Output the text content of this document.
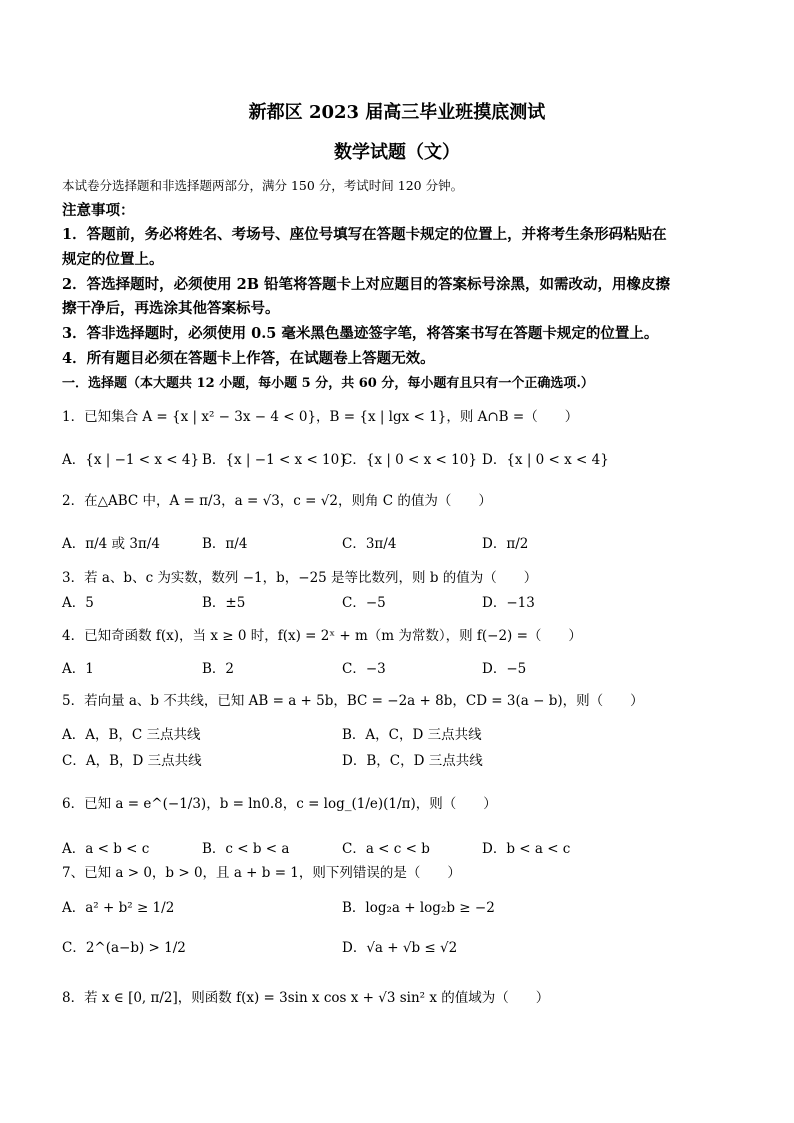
新都区 2023 届高三毕业班摸底测试
数学试题（文）
本试卷分选择题和非选择题两部分，满分 150 分，考试时间 120 分钟。
注意事项：
1．答题前，务必将姓名、考场号、座位号填写在答题卡规定的位置上，并将考生条形码粘贴在
规定的位置上。
2．答选择题时，必须使用 2B 铅笔将答题卡上对应题目的答案标号涂黑，如需改动，用橡皮擦
擦干净后，再选涂其他答案标号。
3．答非选择题时，必须使用 0.5 毫米黑色墨迹签字笔，将答案书写在答题卡规定的位置上。
4．所有题目必须在答题卡上作答，在试题卷上答题无效。
一．选择题（本大题共 12 小题，每小题 5 分，共 60 分，每小题有且只有一个正确选项.）
1．已知集合 A = {x | x² − 3x − 4 < 0}，B = {x | lgx < 1}，则 A∩B =（　　）
A．{x | −1 < x < 4} B．{x | −1 < x < 10}
C．{x | 0 < x < 10} D．{x | 0 < x < 4}
2．在△ABC 中，A = π/3，a = √3，c = √2，则角 C 的值为（　　）
A．π/4 或 3π/4	B．π/4	C．3π/4	D．π/2
3．若 a、b、c 为实数，数列 −1，b，−25 是等比数列，则 b 的值为（　　）
A．5	B．±5	C．−5	D．−13
4．已知奇函数 f(x)，当 x ≥ 0 时，f(x) = 2ˣ + m（m 为常数），则 f(−2) =（　　）
A．1	B．2	C．−3	D．−5
5．若向量 a、b 不共线，已知 AB = a + 5b，BC = −2a + 8b，CD = 3(a − b)，则（　　）
A．A，B，C 三点共线	B．A，C，D 三点共线
C．A，B，D 三点共线	D．B，C，D 三点共线
6．已知 a = e^(−1/3)，b = ln0.8，c = log_(1/e)(1/π)，则（　　）
A．a < b < c	B．c < b < a	C．a < c < b	D．b < a < c
7、已知 a > 0，b > 0，且 a + b = 1，则下列错误的是（　　）
A．a² + b² ≥ 1/2	B．log₂a + log₂b ≥ −2
C．2^(a−b) > 1/2	D．√a + √b ≤ √2
8．若 x ∈ [0, π/2]，则函数 f(x) = 3sin x cos x + √3 sin² x 的值域为（　　）
